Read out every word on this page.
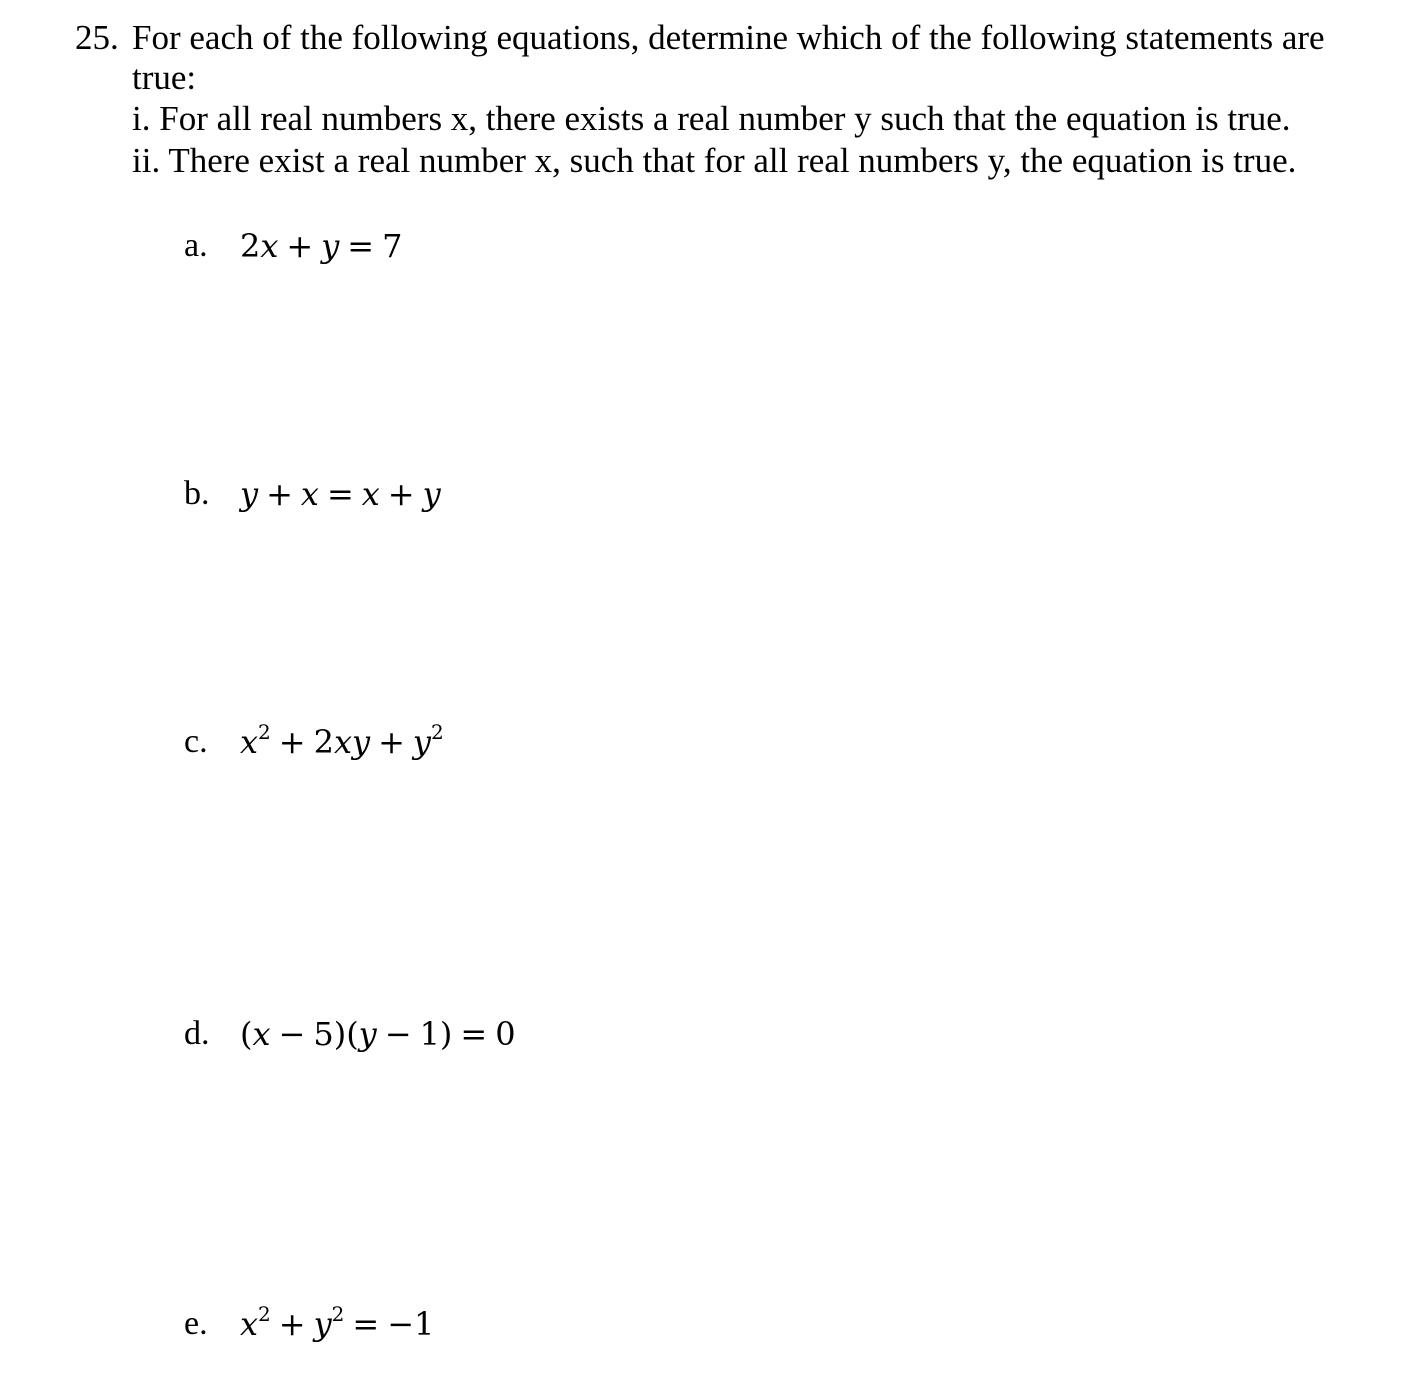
25. For each of the following equations, determine which of the following statements are
true:
i. For all real numbers x, there exists a real number y such that the equation is true.
ii. There exist a real number x, such that for all real numbers y, the equation is true.
a. 2x + y = 7
b. y + x = x + y
c. $x^2 + 2xy + y^2$
d. (x − 5)(y − 1) = 0
e. $x^2 + y^2 = -1$
